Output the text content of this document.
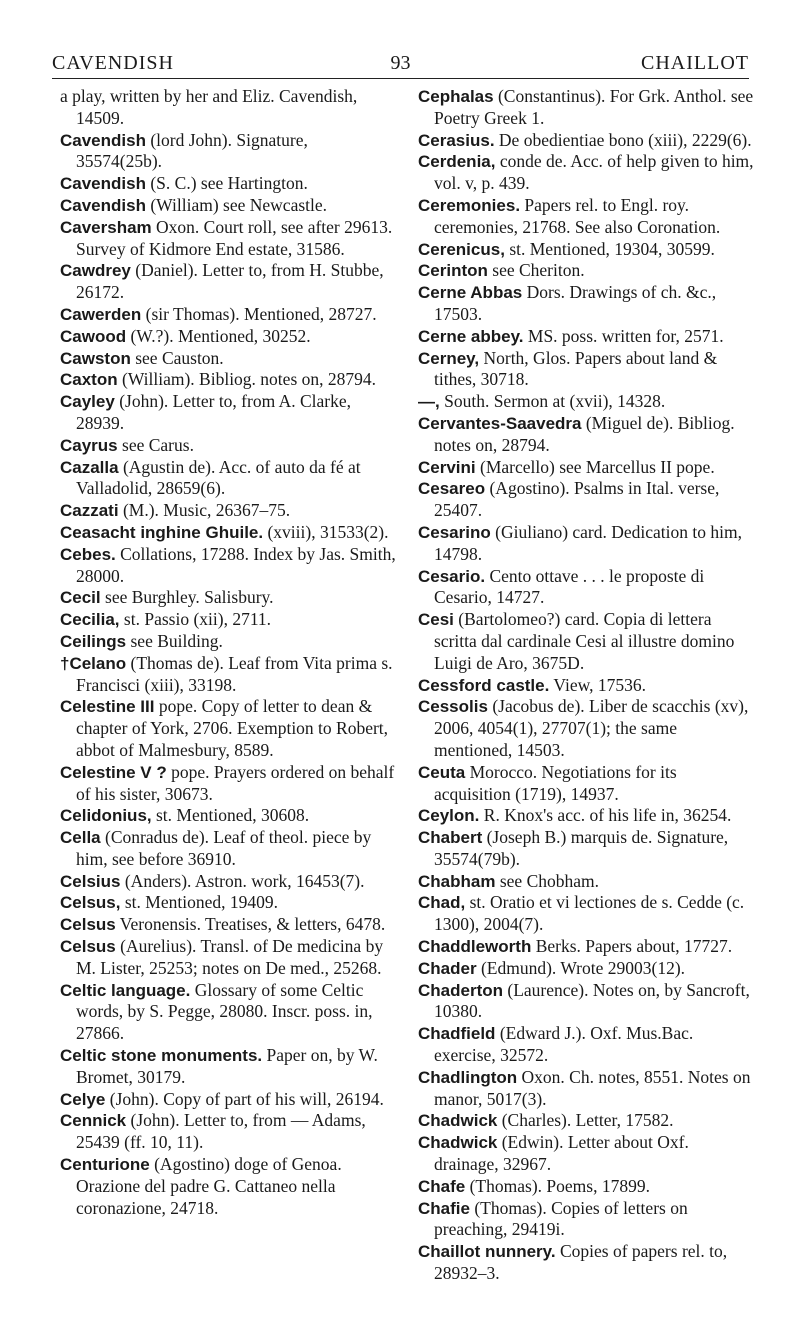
CAVENDISH	93	CHAILLOT

a play, written by her and Eliz. Cavendish, 14509.

Cavendish (lord John). Signature, 35574(25b).

Cavendish (S. C.) see Hartington.

Cavendish (William) see Newcastle.

Caversham Oxon. Court roll, see after 29613. Survey of Kidmore End estate, 31586.

Cawdrey (Daniel). Letter to, from H. Stubbe, 26172.

Cawerden (sir Thomas). Mentioned, 28727.

Cawood (W.?). Mentioned, 30252.

Cawston see Causton.

Caxton (William). Bibliog. notes on, 28794.

Cayley (John). Letter to, from A. Clarke, 28939.

Cayrus see Carus.

Cazalla (Agustin de). Acc. of auto da fé at Valladolid, 28659(6).

Cazzati (M.). Music, 26367–75.

Ceasacht inghine Ghuile. (xviii), 31533(2).

Cebes. Collations, 17288. Index by Jas. Smith, 28000.

Cecil see Burghley. Salisbury.

Cecilia, st. Passio (xii), 2711.

Ceilings see Building.

†Celano (Thomas de). Leaf from Vita prima s. Francisci (xiii), 33198.

Celestine III pope. Copy of letter to dean & chapter of York, 2706. Exemption to Robert, abbot of Malmesbury, 8589.

Celestine V ? pope. Prayers ordered on behalf of his sister, 30673.

Celidonius, st. Mentioned, 30608.

Cella (Conradus de). Leaf of theol. piece by him, see before 36910.

Celsius (Anders). Astron. work, 16453(7).

Celsus, st. Mentioned, 19409.

Celsus Veronensis. Treatises, & letters, 6478.

Celsus (Aurelius). Transl. of De medicina by M. Lister, 25253; notes on De med., 25268.

Celtic language. Glossary of some Celtic words, by S. Pegge, 28080. Inscr. poss. in, 27866.

Celtic stone monuments. Paper on, by W. Bromet, 30179.

Celye (John). Copy of part of his will, 26194.

Cennick (John). Letter to, from — Adams, 25439 (ff. 10, 11).

Centurione (Agostino) doge of Genoa. Orazione del padre G. Cattaneo nella coronazione, 24718.

Cephalas (Constantinus). For Grk. Anthol. see Poetry Greek 1.

Cerasius. De obedientiae bono (xiii), 2229(6).

Cerdenia, conde de. Acc. of help given to him, vol. v, p. 439.

Ceremonies. Papers rel. to Engl. roy. ceremonies, 21768. See also Coronation.

Cerenicus, st. Mentioned, 19304, 30599.

Cerinton see Cheriton.

Cerne Abbas Dors. Drawings of ch. &c., 17503.

Cerne abbey. MS. poss. written for, 2571.

Cerney, North, Glos. Papers about land & tithes, 30718.

—, South. Sermon at (xvii), 14328.

Cervantes-Saavedra (Miguel de). Bibliog. notes on, 28794.

Cervini (Marcello) see Marcellus II pope.

Cesareo (Agostino). Psalms in Ital. verse, 25407.

Cesarino (Giuliano) card. Dedication to him, 14798.

Cesario. Cento ottave . . . le proposte di Cesario, 14727.

Cesi (Bartolomeo?) card. Copia di lettera scritta dal cardinale Cesi al illustre domino Luigi de Aro, 3675D.

Cessford castle. View, 17536.

Cessolis (Jacobus de). Liber de scacchis (xv), 2006, 4054(1), 27707(1); the same mentioned, 14503.

Ceuta Morocco. Negotiations for its acquisition (1719), 14937.

Ceylon. R. Knox's acc. of his life in, 36254.

Chabert (Joseph B.) marquis de. Signature, 35574(79b).

Chabham see Chobham.

Chad, st. Oratio et vi lectiones de s. Cedde (c. 1300), 2004(7).

Chaddleworth Berks. Papers about, 17727.

Chader (Edmund). Wrote 29003(12).

Chaderton (Laurence). Notes on, by Sancroft, 10380.

Chadfield (Edward J.). Oxf. Mus.Bac. exercise, 32572.

Chadlington Oxon. Ch. notes, 8551. Notes on manor, 5017(3).

Chadwick (Charles). Letter, 17582.

Chadwick (Edwin). Letter about Oxf. drainage, 32967.

Chafe (Thomas). Poems, 17899.

Chafie (Thomas). Copies of letters on preaching, 29419i.

Chaillot nunnery. Copies of papers rel. to, 28932–3.
